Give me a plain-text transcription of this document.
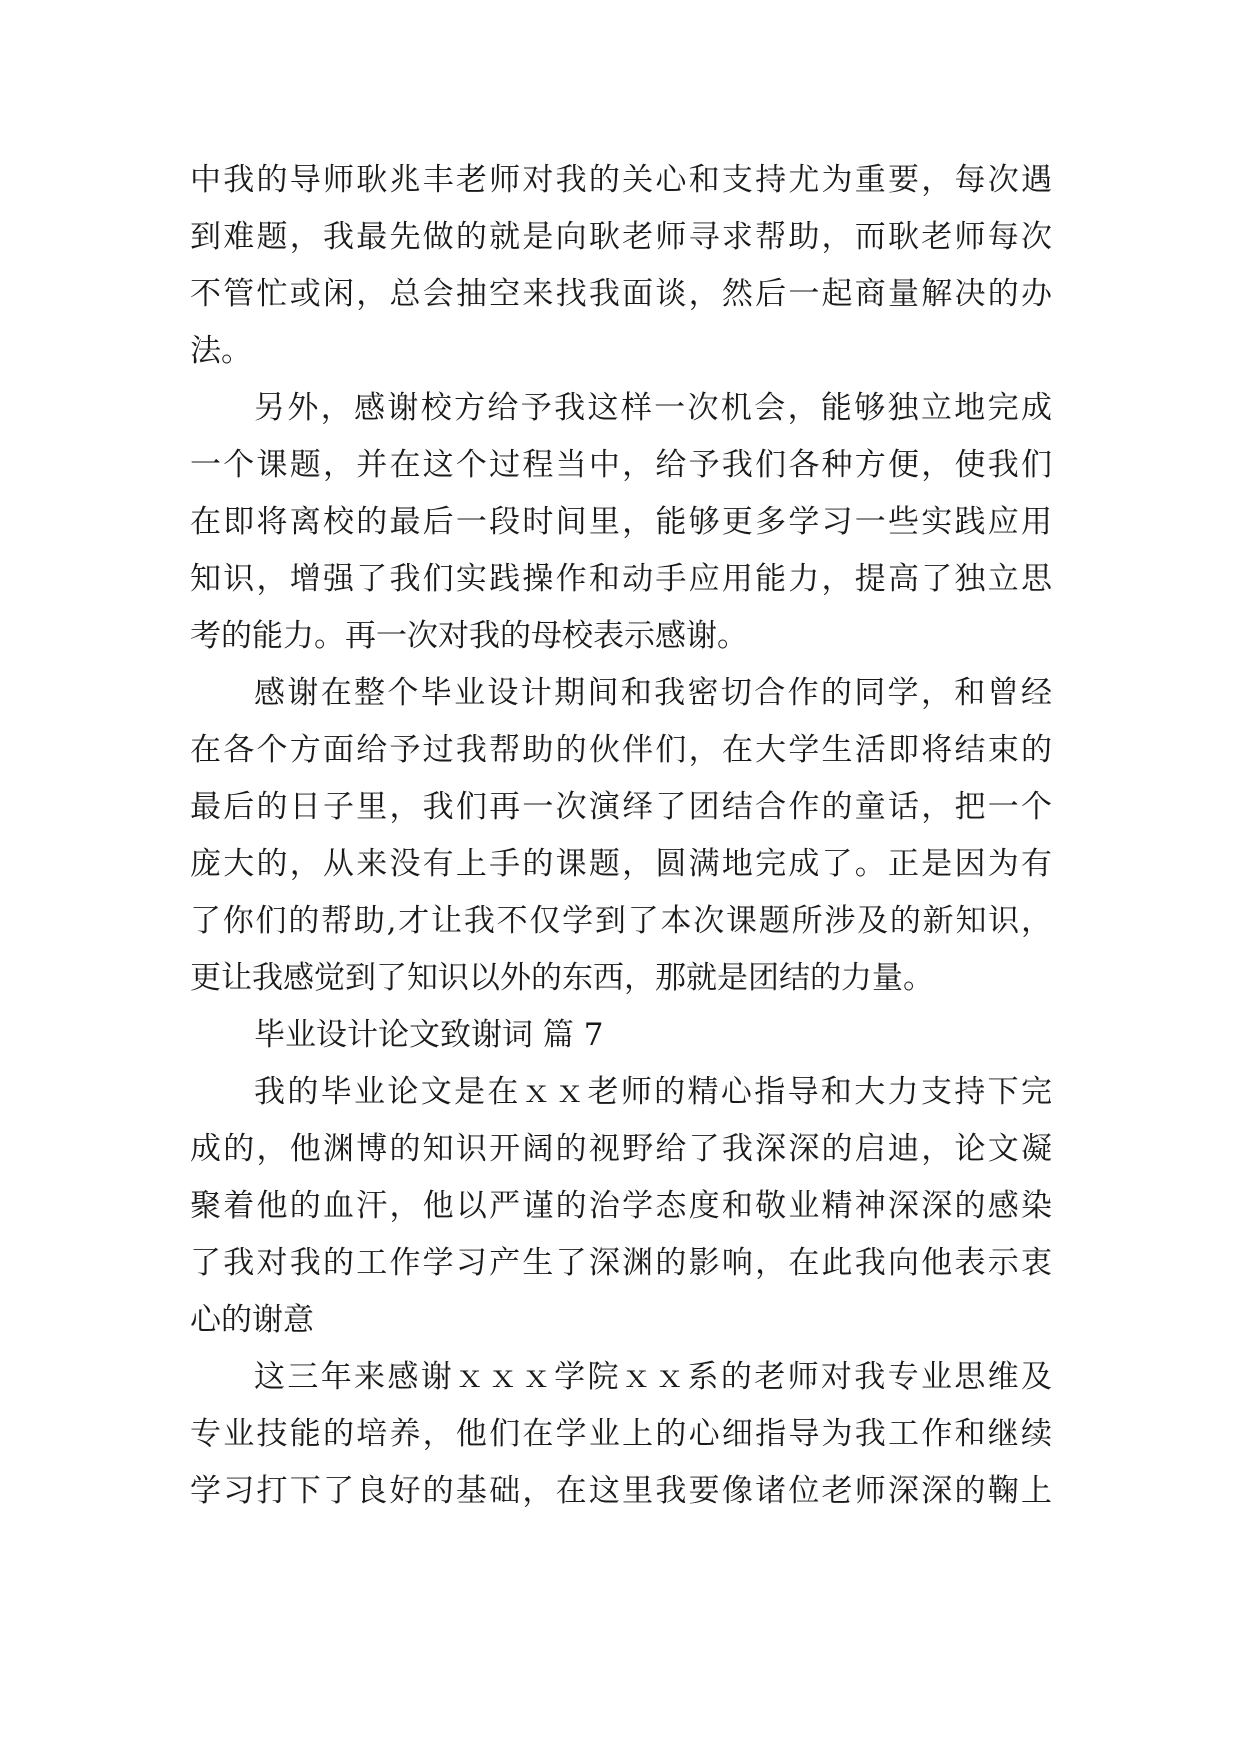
中我的导师耿兆丰老师对我的关心和支持尤为重要，每次遇
到难题，我最先做的就是向耿老师寻求帮助，而耿老师每次
不管忙或闲，总会抽空来找我面谈，然后一起商量解决的办
法。
另外，感谢校方给予我这样一次机会，能够独立地完成
一个课题，并在这个过程当中，给予我们各种方便，使我们
在即将离校的最后一段时间里，能够更多学习一些实践应用
知识，增强了我们实践操作和动手应用能力，提高了独立思
考的能力。再一次对我的母校表示感谢。
感谢在整个毕业设计期间和我密切合作的同学，和曾经
在各个方面给予过我帮助的伙伴们，在大学生活即将结束的
最后的日子里，我们再一次演绎了团结合作的童话，把一个
庞大的，从来没有上手的课题，圆满地完成了。正是因为有
了你们的帮助,才让我不仅学到了本次课题所涉及的新知识，
更让我感觉到了知识以外的东西，那就是团结的力量。
毕业设计论文致谢词 篇 7
我的毕业论文是在ｘｘ老师的精心指导和大力支持下完
成的，他渊博的知识开阔的视野给了我深深的启迪，论文凝
聚着他的血汗，他以严谨的治学态度和敬业精神深深的感染
了我对我的工作学习产生了深渊的影响，在此我向他表示衷
心的谢意
这三年来感谢ｘｘｘ学院ｘｘ系的老师对我专业思维及
专业技能的培养，他们在学业上的心细指导为我工作和继续
学习打下了良好的基础，在这里我要像诸位老师深深的鞠上
